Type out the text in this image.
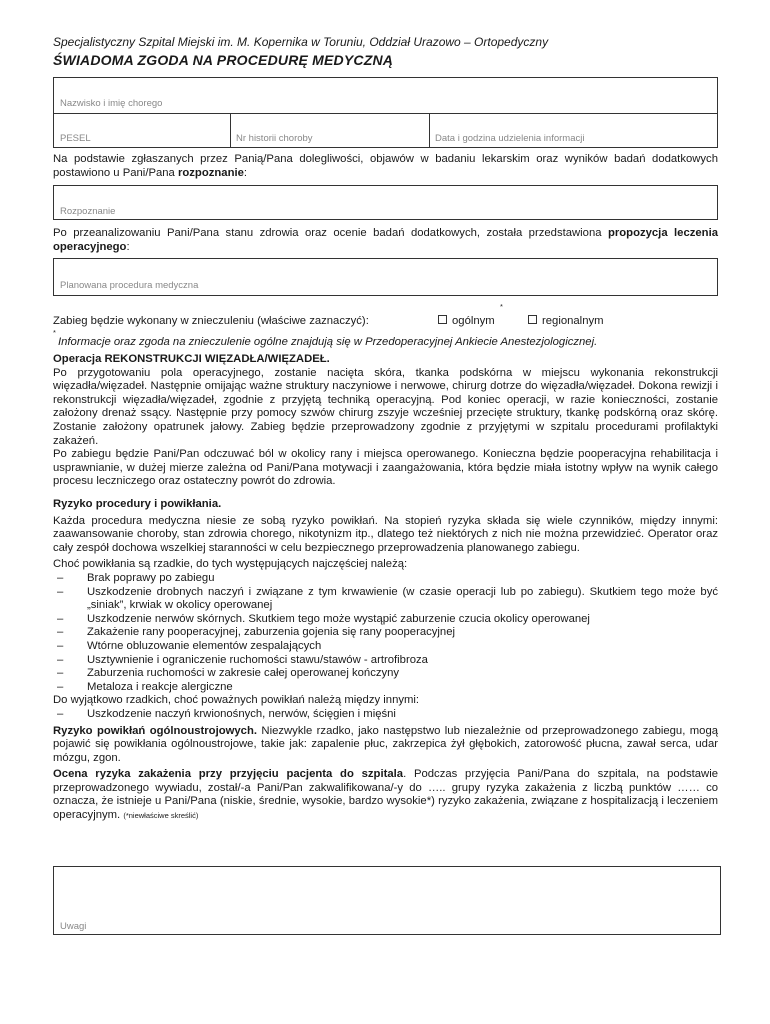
Specjalistyczny Szpital Miejski im. M. Kopernika w Toruniu, Oddział Urazowo – Ortopedyczny
ŚWIADOMA ZGODA NA PROCEDURĘ MEDYCZNĄ
Nazwisko i imię chorego
PESEL	Nr historii choroby	Data i godzina udzielenia informacji
Na podstawie zgłaszanych przez Panią/Pana dolegliwości, objawów w badaniu lekarskim oraz wyników badań dodatkowych postawiono u Pani/Pana rozpoznanie:
Rozpoznanie
Po przeanalizowaniu Pani/Pana stanu zdrowia oraz ocenie badań dodatkowych, została przedstawiona propozycja leczenia operacyjnego:
Planowana procedura medyczna
*
Zabieg będzie wykonany w znieczuleniu (właściwe zaznaczyć):	ogólnym	regionalnym
*
Informacje oraz zgoda na znieczulenie ogólne znajdują się w Przedoperacyjnej Ankiecie Anestezjologicznej.
Operacja REKONSTRUKCJI WIĘZADŁA/WIĘZADEŁ.
Po przygotowaniu pola operacyjnego, zostanie nacięta skóra, tkanka podskórna w miejscu wykonania rekonstrukcji więzadła/więzadeł. Następnie omijając ważne struktury naczyniowe i nerwowe, chirurg dotrze do więzadła/więzadeł. Dokona rewizji i rekonstrukcji więzadła/więzadeł, zgodnie z przyjętą techniką operacyjną. Pod koniec operacji, w razie konieczności, zostanie założony drenaż ssący. Następnie przy pomocy szwów chirurg zszyje wcześniej przecięte struktury, tkankę podskórną oraz skórę. Zostanie założony opatrunek jałowy. Zabieg będzie przeprowadzony zgodnie z przyjętymi w szpitalu procedurami profilaktyki zakażeń.
Po zabiegu będzie Pani/Pan odczuwać ból w okolicy rany i miejsca operowanego. Konieczna będzie pooperacyjna rehabilitacja i usprawnianie, w dużej mierze zależna od Pani/Pana motywacji i zaangażowania, która będzie miała istotny wpływ na wynik całego procesu leczniczego oraz ostateczny powrót do zdrowia.
Ryzyko procedury i powikłania.
Każda procedura medyczna niesie ze sobą ryzyko powikłań. Na stopień ryzyka składa się wiele czynników, między innymi: zaawansowanie choroby, stan zdrowia chorego, nikotynizm itp., dlatego też niektórych z nich nie można przewidzieć. Operator oraz cały zespół dochowa wszelkiej staranności w celu bezpiecznego przeprowadzenia planowanego zabiegu.
Choć powikłania są rzadkie, do tych występujących najczęściej należą:
– Brak poprawy po zabiegu
– Uszkodzenie drobnych naczyń i związane z tym krwawienie (w czasie operacji lub po zabiegu). Skutkiem tego może być „siniak”, krwiak w okolicy operowanej
– Uszkodzenie nerwów skórnych. Skutkiem tego może wystąpić zaburzenie czucia okolicy operowanej
– Zakażenie rany pooperacyjnej, zaburzenia gojenia się rany pooperacyjnej
– Wtórne obluzowanie elementów zespalających
– Usztywnienie i ograniczenie ruchomości stawu/stawów - artrofibroza
– Zaburzenia ruchomości w zakresie całej operowanej kończyny
– Metaloza i reakcje alergiczne
Do wyjątkowo rzadkich, choć poważnych powikłań należą między innymi:
– Uszkodzenie naczyń krwionośnych, nerwów, ścięgien i mięśni
Ryzyko powikłań ogólnoustrojowych. Niezwykle rzadko, jako następstwo lub niezależnie od przeprowadzonego zabiegu, mogą pojawić się powikłania ogólnoustrojowe, takie jak: zapalenie płuc, zakrzepica żył głębokich, zatorowość płucna, zawał serca, udar mózgu, zgon.
Ocena ryzyka zakażenia przy przyjęciu pacjenta do szpitala. Podczas przyjęcia Pani/Pana do szpitala, na podstawie przeprowadzonego wywiadu, został/-a Pani/Pan zakwalifikowana/-y do ….. grupy ryzyka zakażenia z liczbą punktów …… co oznacza, że istnieje u Pani/Pana (niskie, średnie, wysokie, bardzo wysokie*) ryzyko zakażenia, związane z hospitalizacją i leczeniem operacyjnym. (*niewłaściwe skreślić)
Uwagi
